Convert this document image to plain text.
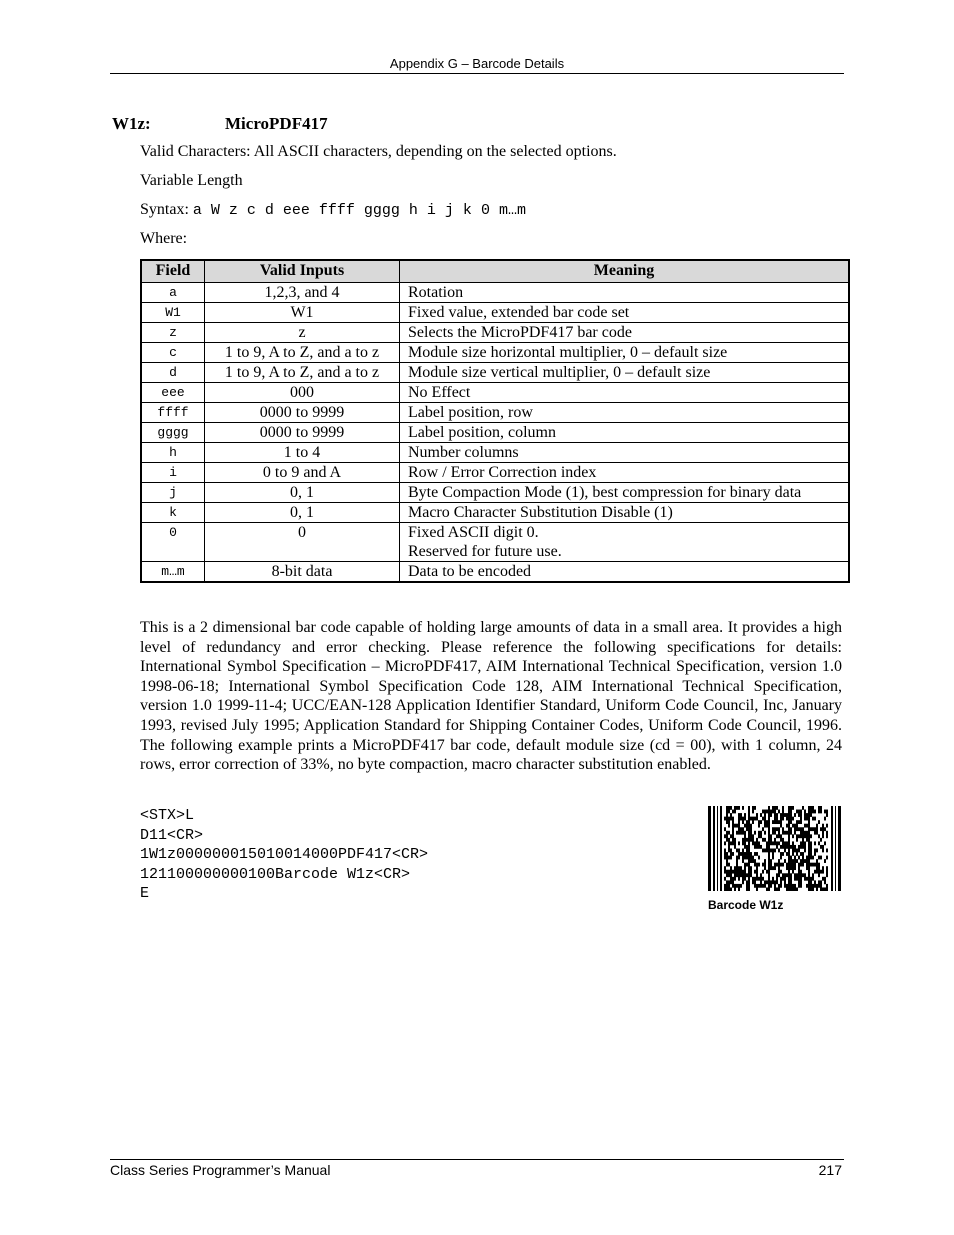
Appendix G – Barcode Details
W1z:	MicroPDF417
Valid Characters: All ASCII characters, depending on the selected options.
Variable Length
Syntax: a W z c d eee ffff gggg h i j k 0 m…m
Where:
Field	Valid Inputs	Meaning
a	1,2,3, and 4	Rotation
W1	W1	Fixed value, extended bar code set
z	z	Selects the MicroPDF417 bar code
c	1 to 9, A to Z, and a to z	Module size horizontal multiplier, 0 – default size
d	1 to 9, A to Z, and a to z	Module size vertical multiplier, 0 – default size
eee	000	No Effect
ffff	0000 to 9999	Label position, row
gggg	0000 to 9999	Label position, column
h	1 to 4	Number columns
i	0 to 9 and A	Row / Error Correction index
j	0, 1	Byte Compaction Mode (1), best compression for binary data
k	0, 1	Macro Character Substitution Disable (1)
0	0	Fixed ASCII digit 0.
Reserved for future use.

m…m	8-bit data	Data to be encoded
This is a 2 dimensional bar code capable of holding large amounts of data in a small area. It provides a high level of redundancy and error checking. Please reference the following specifications for details: International Symbol Specification – MicroPDF417, AIM International Technical Specification, version 1.0 1998-06-18; International Symbol Specification Code 128, AIM International Technical Specification, version 1.0 1999-11-4; UCC/EAN-128 Application Identifier Standard, Uniform Code Council, Inc, January 1993, revised July 1995; Application Standard for Shipping Container Codes, Uniform Code Council, 1996. The following example prints a MicroPDF417 bar code, default module size (cd = 00), with 1 column, 24 rows, error correction of 33%, no byte compaction, macro character substitution enabled.
<STX>L
D11<CR>
1W1z000000015010014000PDF417<CR>
121100000000100Barcode W1z<CR>
E
Barcode W1z
Class Series Programmer’s Manual	217
